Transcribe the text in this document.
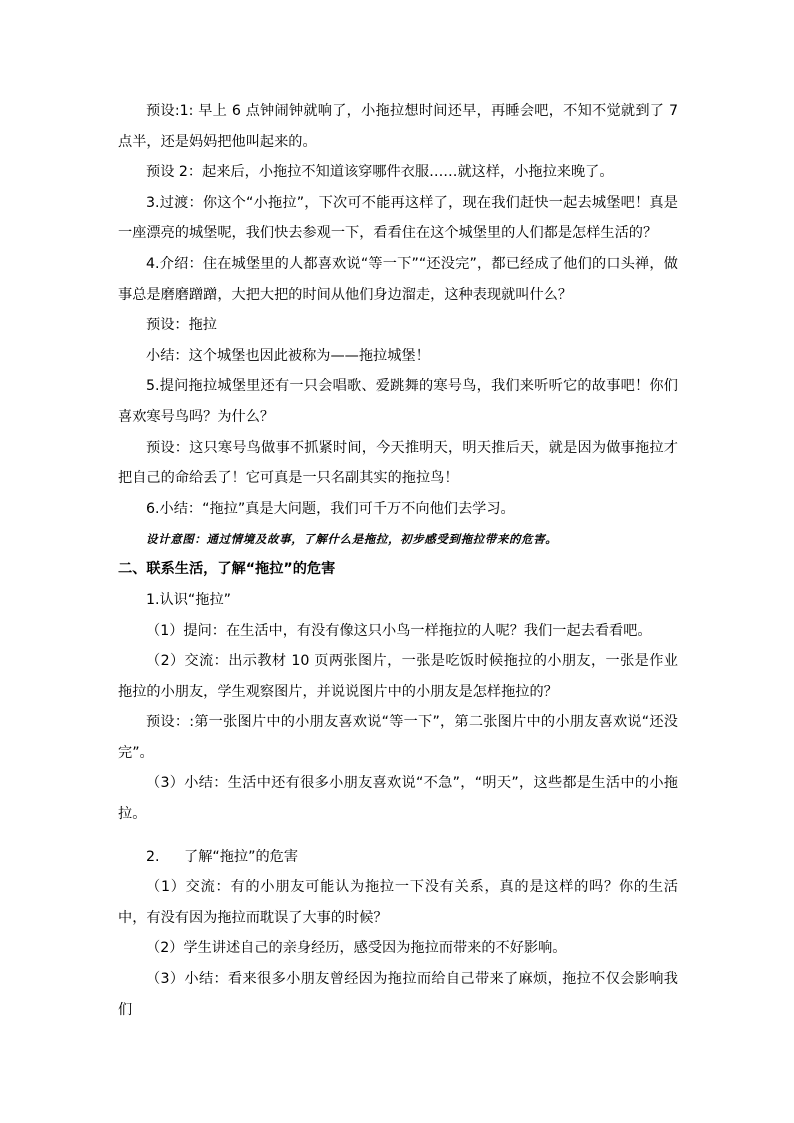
预设:1: 早上 6 点钟闹钟就响了，小拖拉想时间还早，再睡会吧，不知不觉就到了 7 点半，还是妈妈把他叫起来的。

预设 2：起来后，小拖拉不知道该穿哪件衣服……就这样，小拖拉来晚了。

3.过渡：你这个“小拖拉”，下次可不能再这样了，现在我们赶快一起去城堡吧！真是一座漂亮的城堡呢，我们快去参观一下，看看住在这个城堡里的人们都是怎样生活的？

4.介绍：住在城堡里的人都喜欢说“等一下”“还没完”，都已经成了他们的口头禅，做事总是磨磨蹭蹭，大把大把的时间从他们身边溜走，这种表现就叫什么？

预设：拖拉

小结：这个城堡也因此被称为——拖拉城堡！

5.提问拖拉城堡里还有一只会唱歌、爱跳舞的寒号鸟，我们来听听它的故事吧！你们喜欢寒号鸟吗？为什么？

预设：这只寒号鸟做事不抓紧时间，今天推明天，明天推后天，就是因为做事拖拉才把自己的命给丢了！它可真是一只名副其实的拖拉鸟！

6.小结：“拖拉”真是大问题，我们可千万不向他们去学习。

设计意图：通过情境及故事，了解什么是拖拉，初步感受到拖拉带来的危害。

二、联系生活，了解“拖拉”的危害

1.认识“拖拉”

（1）提问：在生活中，有没有像这只小鸟一样拖拉的人呢？我们一起去看看吧。

（2）交流：出示教材 10 页两张图片，一张是吃饭时候拖拉的小朋友，一张是作业拖拉的小朋友，学生观察图片，并说说图片中的小朋友是怎样拖拉的？

预设：:第一张图片中的小朋友喜欢说“等一下”，第二张图片中的小朋友喜欢说“还没完”。

（3）小结：生活中还有很多小朋友喜欢说“不急”，“明天”，这些都是生活中的小拖拉。

2. 了解“拖拉”的危害

（1）交流：有的小朋友可能认为拖拉一下没有关系，真的是这样的吗？你的生活中，有没有因为拖拉而耽误了大事的时候？

（2）学生讲述自己的亲身经历，感受因为拖拉而带来的不好影响。

（3）小结：看来很多小朋友曾经因为拖拉而给自己带来了麻烦，拖拉不仅会影响我们
